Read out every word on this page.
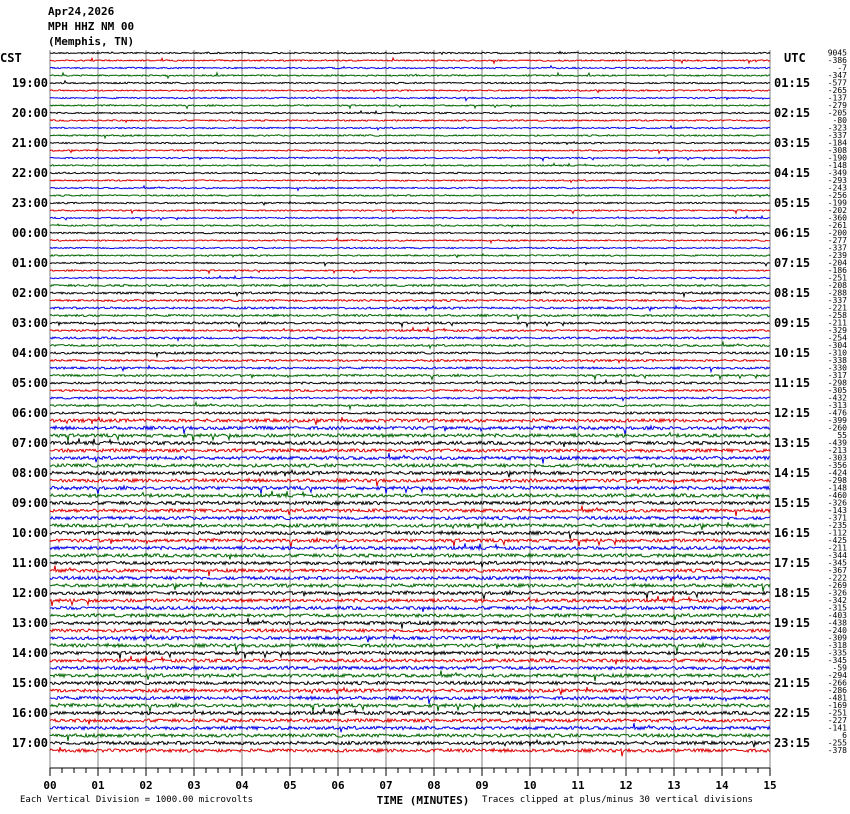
Apr24,2026
MPH HHZ NM 00
(Memphis, TN)
CST	UTC
TIME (MINUTES)
00	01	02	03	04	05	06	07	08	09	10	11	12	13	14	15
9045
-386
-7
-347
-577
-265
-137
-279
-205
-80
-323
-337
-184
-308
-190
-148
-349
-293
-243
-256
-199
-202
-360
-261
-200
-277
-337
-239
-204
-186
-251
-208
-288
-337
-221
-258
-211
-329
-254
-304
-310
-338
-330
-317
-298
-305
-432
-313
-476
-399
-260
55
-439
-213
-303
-356
-424
-298
-148
-460
-326
-143
-371
-235
-112
-425
-211
-344
-345
-367
-222
-269
-326
-342
-315
-403
-438
-240
-309
-318
-335
-345
-59
-294
-266
-286
-481
-169
-251
-227
-141
6
-255
-378
19:00
20:00
21:00
22:00
23:00
00:00
01:00
02:00
03:00
04:00
05:00
06:00
07:00
08:00
09:00
10:00
11:00
12:00
13:00
14:00
15:00
16:00
17:00
01:15
02:15
03:15
04:15
05:15
06:15
07:15
08:15
09:15
10:15
11:15
12:15
13:15
14:15
15:15
16:15
17:15
18:15
19:15
20:15
21:15
22:15
23:15
Each Vertical Division = 1000.00 microvolts	Traces clipped at plus/minus 30 vertical divisions
